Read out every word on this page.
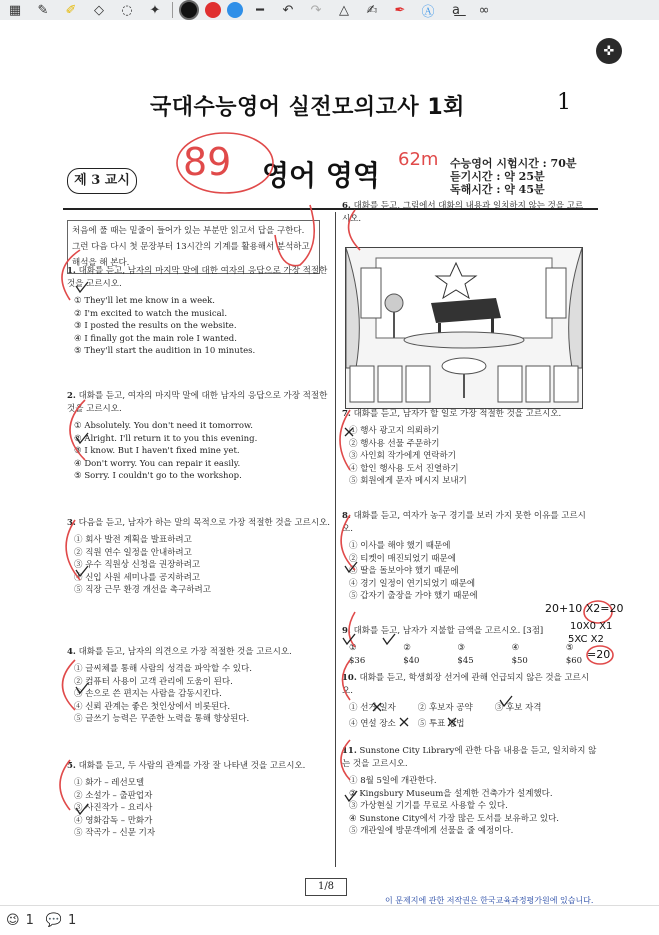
▦	✎	✐	◇	◌	✦	━	↶	↷	△	✍	✒	Ⓐ	a͟	∞
✜
국대수능영어 실전모의고사 1회	1
제 3 교시	영어 영역	수능영어 시험시간 : 70분
듣기시간 : 약 25분
독해시간 : 약 45분
처음에 풀 때는 밑줄이 들어가 있는 부분만 읽고서 답을 구한다. 그런 다음 다시 첫 문장부터 13시간의 기계를 활용해서 분석하고 해석을 해 본다.
1. 대화를 듣고, 남자의 마지막 말에 대한 여자의 응답으로 가장 적절한 것을 고르시오.
① They'll let me know in a week.
② I'm excited to watch the musical.
③ I posted the results on the website.
④ I finally got the main role I wanted.
⑤ They'll start the audition in 10 minutes.
2. 대화를 듣고, 여자의 마지막 말에 대한 남자의 응답으로 가장 적절한 것을 고르시오.
① Absolutely. You don't need it tomorrow.
② Alright. I'll return it to you this evening.
③ I know. But I haven't fixed mine yet.
④ Don't worry. You can repair it easily.
⑤ Sorry. I couldn't go to the workshop.
3. 다음을 듣고, 남자가 하는 말의 목적으로 가장 적절한 것을 고르시오.
① 회사 발전 계획을 발표하려고
② 직원 연수 일정을 안내하려고
③ 우수 직원상 신청을 권장하려고
④ 신입 사원 세미나를 공지하려고
⑤ 직장 근무 환경 개선을 촉구하려고
4. 대화를 듣고, 남자의 의견으로 가장 적절한 것을 고르시오.
① 글씨체를 통해 사람의 성격을 파악할 수 있다.
② 컴퓨터 사용이 고객 관리에 도움이 된다.
③ 손으로 쓴 편지는 사람을 감동시킨다.
④ 신뢰 관계는 좋은 첫인상에서 비롯된다.
⑤ 글쓰기 능력은 꾸준한 노력을 통해 향상된다.
5. 대화를 듣고, 두 사람의 관계를 가장 잘 나타낸 것을 고르시오.
① 화가 – 레선모델
② 소설가 – 출판업자
③ 사진작가 – 요리사
④ 영화감독 – 만화가
⑤ 작곡가 – 신문 기자
6. 대화를 듣고, 그림에서 대화의 내용과 일치하지 않는 것을 고르시오.
7. 대화를 듣고, 남자가 할 일로 가장 적절한 것을 고르시오.
① 행사 광고지 의뢰하기
② 행사용 선물 주문하기
③ 사인회 작가에게 연락하기
④ 할인 행사용 도서 진열하기
⑤ 회원에게 문자 메시지 보내기
8. 대화를 듣고, 여자가 농구 경기를 보러 가지 못한 이유를 고르시오.
① 이사를 해야 했기 때문에
② 티켓이 매진되었기 때문에
③ 딸을 돌보아야 했기 때문에
④ 경기 일정이 연기되었기 때문에
⑤ 갑자기 출장을 가야 했기 때문에
9. 대화를 듣고, 남자가 지불할 금액을 고르시오. [3점]
① $36
② $40
③ $45
④ $50
⑤ $60
10. 대화를 듣고, 학생회장 선거에 관해 언급되지 않은 것을 고르시오.
① 선거 일자	② 후보자 공약	③ 후보 자격
④ 연설 장소	⑤ 투표 방법
11. Sunstone City Library에 관한 다음 내용을 듣고, 일치하지 않는 것을 고르시오.
① 8월 5일에 개관한다.
② Kingsbury Museum을 설계한 건축가가 설계했다.
③ 가상현실 기기를 무료로 사용할 수 있다.
④ Sunstone City에서 가장 많은 도서를 보유하고 있다.
⑤ 개관일에 방문객에게 선물을 줄 예정이다.
1/8
이 문제지에 관한 저작권은 한국교육과정평가원에 있습니다.
89	62m
20+10 X2=20
10X0 X1
5XC X2
=20
😉 1 💬 1
